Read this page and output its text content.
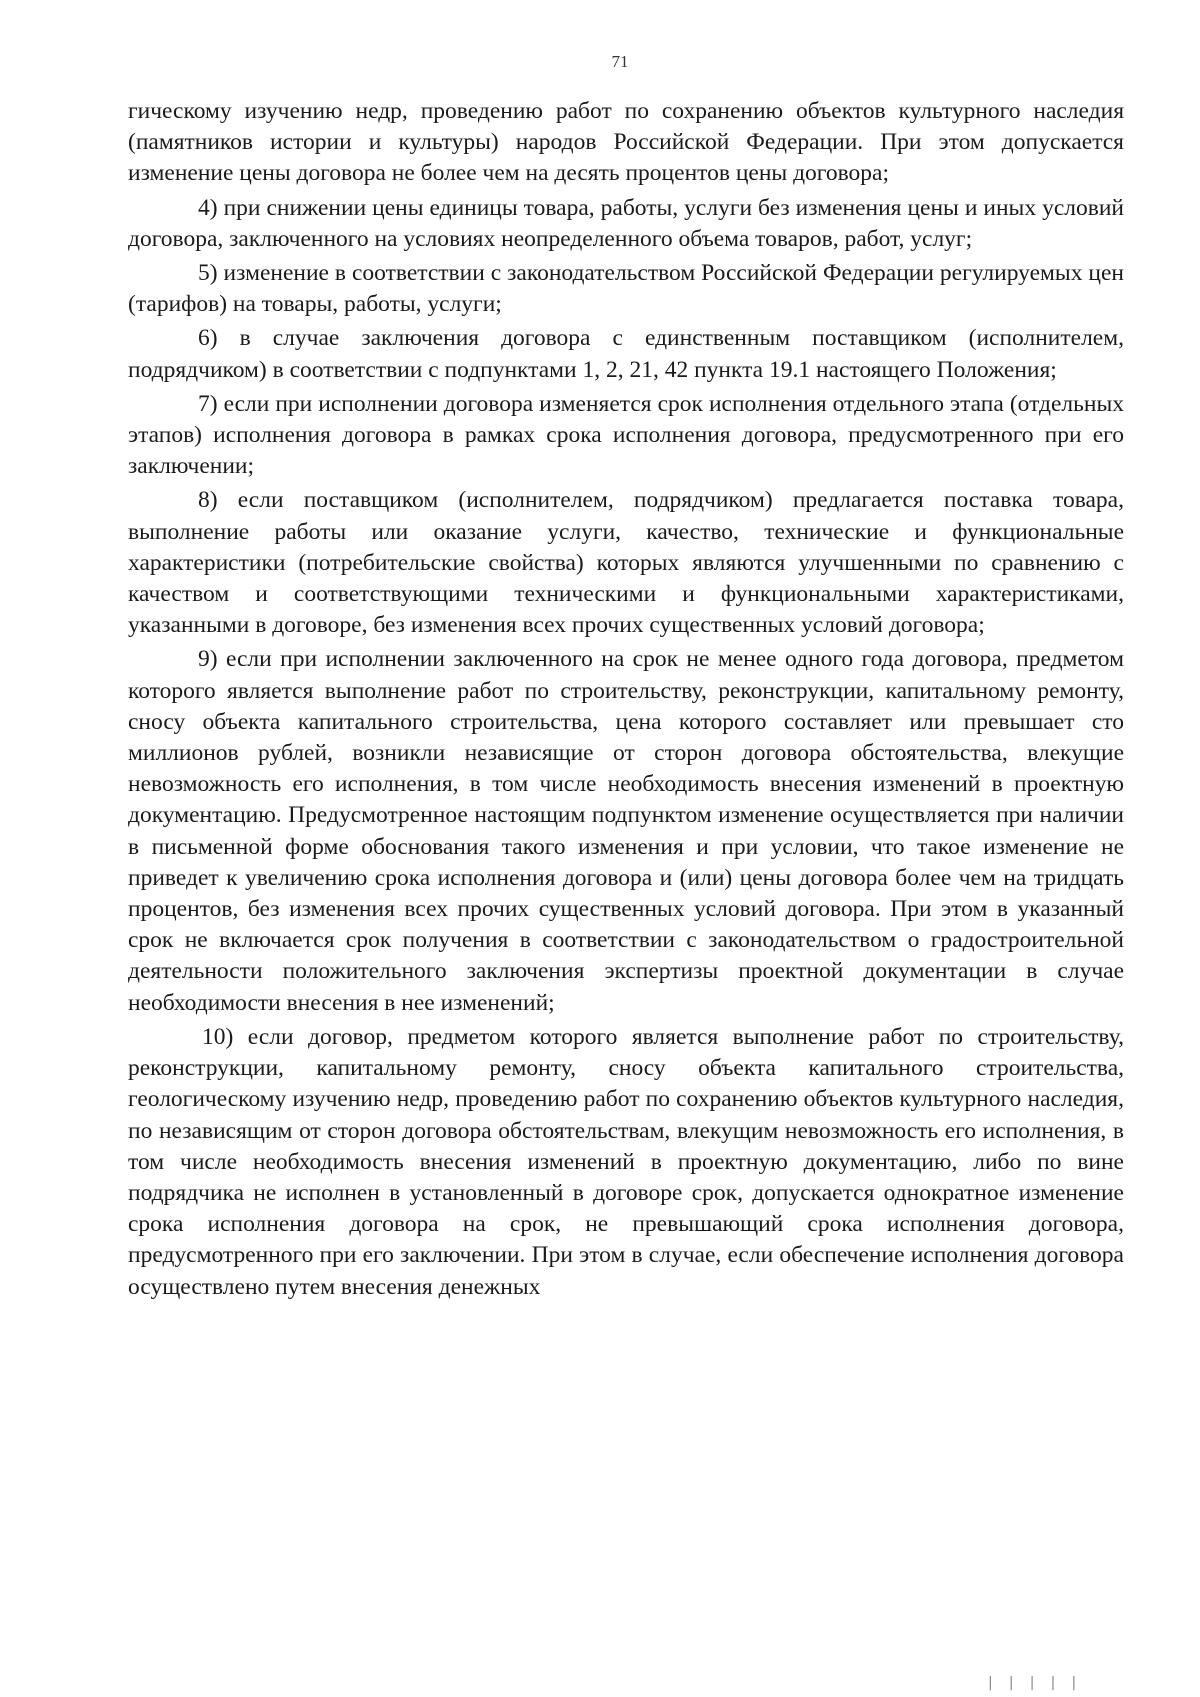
71

гическому изучению недр, проведению работ по сохранению объектов культурного наследия (памятников истории и культуры) народов Российской Федерации. При этом допускается изменение цены договора не более чем на десять процентов цены договора;

4) при снижении цены единицы товара, работы, услуги без изменения цены и иных условий договора, заключенного на условиях неопределенного объема товаров, работ, услуг;

5) изменение в соответствии с законодательством Российской Федерации регулируемых цен (тарифов) на товары, работы, услуги;

6) в случае заключения договора с единственным поставщиком (исполнителем, подрядчиком) в соответствии с подпунктами 1, 2, 21, 42 пункта 19.1 настоящего Положения;

7) если при исполнении договора изменяется срок исполнения отдельного этапа (отдельных этапов) исполнения договора в рамках срока исполнения договора, предусмотренного при его заключении;

8) если поставщиком (исполнителем, подрядчиком) предлагается поставка товара, выполнение работы или оказание услуги, качество, технические и функциональные характеристики (потребительские свойства) которых являются улучшенными по сравнению с качеством и соответствующими техническими и функциональными характеристиками, указанными в договоре, без изменения всех прочих существенных условий договора;

9) если при исполнении заключенного на срок не менее одного года договора, предметом которого является выполнение работ по строительству, реконструкции, капитальному ремонту, сносу объекта капитального строительства, цена которого составляет или превышает сто миллионов рублей, возникли независящие от сторон договора обстоятельства, влекущие невозможность его исполнения, в том числе необходимость внесения изменений в проектную документацию. Предусмотренное настоящим подпунктом изменение осуществляется при наличии в письменной форме обоснования такого изменения и при условии, что такое изменение не приведет к увеличению срока исполнения договора и (или) цены договора более чем на тридцать процентов, без изменения всех прочих существенных условий договора. При этом в указанный срок не включается срок получения в соответствии с законодательством о градостроительной деятельности положительного заключения экспертизы проектной документации в случае необходимости внесения в нее изменений;

10) если договор, предметом которого является выполнение работ по строительству, реконструкции, капитальному ремонту, сносу объекта капитального строительства, геологическому изучению недр, проведению работ по сохранению объектов культурного наследия, по независящим от сторон договора обстоятельствам, влекущим невозможность его исполнения, в том числе необходимость внесения изменений в проектную документацию, либо по вине подрядчика не исполнен в установленный в договоре срок, допускается однократное изменение срока исполнения договора на срок, не превышающий срока исполнения договора, предусмотренного при его заключении. При этом в случае, если обеспечение исполнения договора осуществлено путем внесения денежных

| | | | |
